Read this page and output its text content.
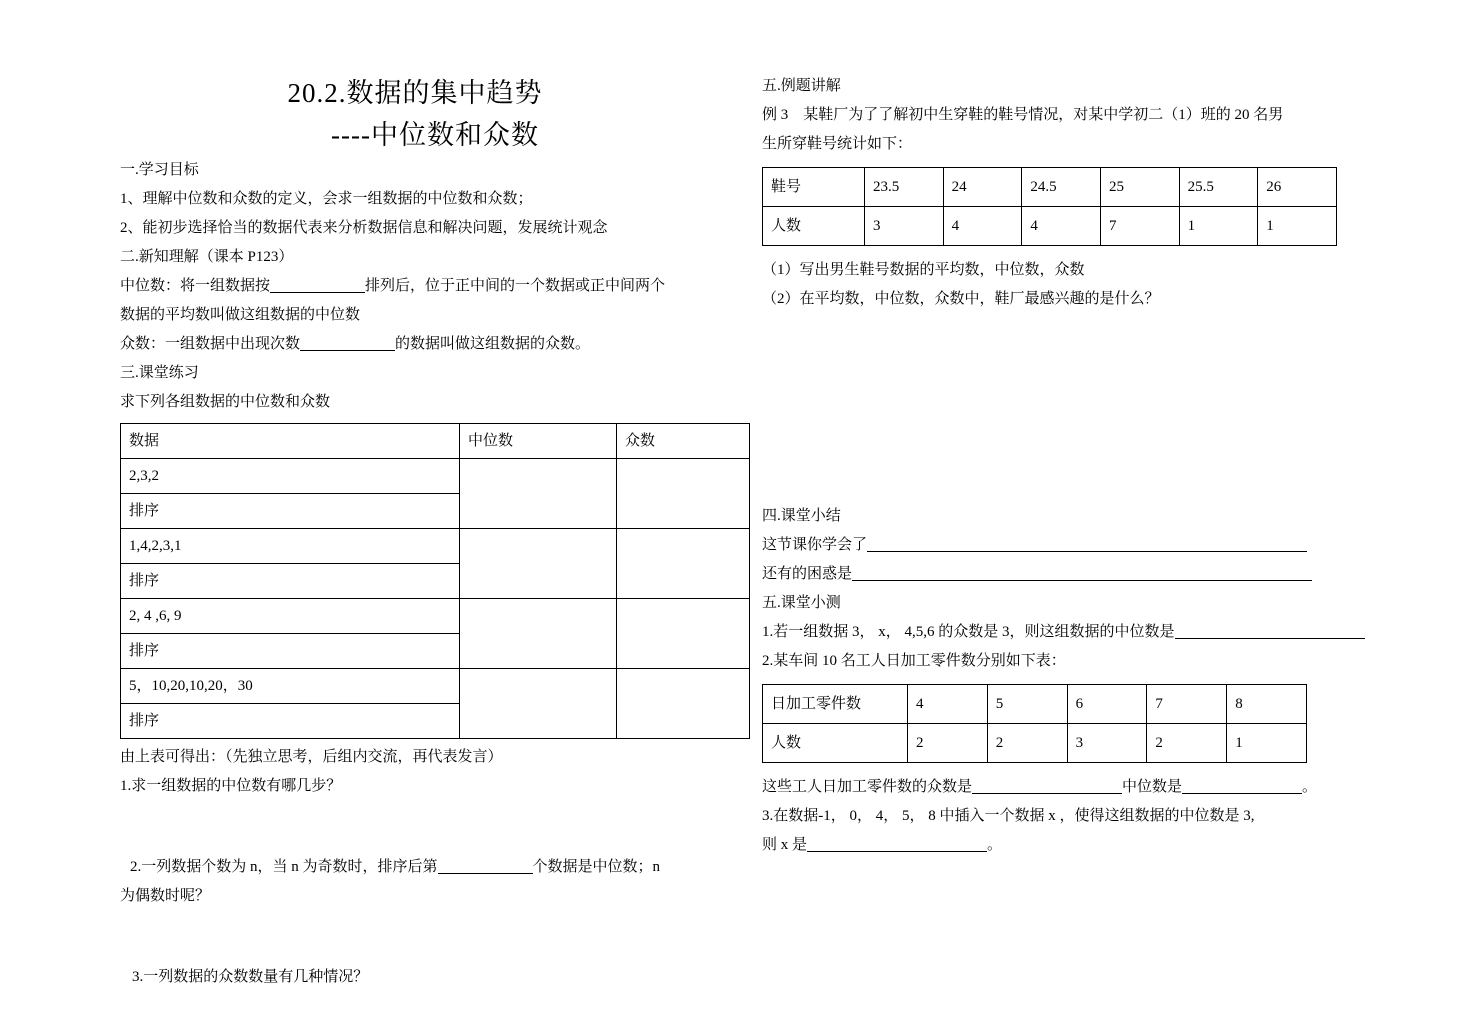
20.2.数据的集中趋势
----中位数和众数
一.学习目标
1、理解中位数和众数的定义，会求一组数据的中位数和众数；
2、能初步选择恰当的数据代表来分析数据信息和解决问题，发展统计观念
二.新知理解（课本 P123）
中位数：将一组数据按	排列后，位于正中间的一个数据或正中间两个
数据的平均数叫做这组数据的中位数
众数：一组数据中出现次数	的数据叫做这组数据的众数。
三.课堂练习
求下列各组数据的中位数和众数
数据	中位数	众数
2,3,2		
排序		
1,4,2,3,1		
排序		
2, 4 ,6, 9		
排序		
5，10,20,10,20，30		
排序		
由上表可得出：（先独立思考，后组内交流，再代表发言）
1.求一组数据的中位数有哪几步？
2.一列数据个数为 n，当 n 为奇数时，排序后第	个数据是中位数；n
为偶数时呢？
3.一列数据的众数数量有几种情况？
五.例题讲解
例 3　某鞋厂为了了解初中生穿鞋的鞋号情况，对某中学初二（1）班的 20 名男
生所穿鞋号统计如下：
鞋号	23.5	24	24.5	25	25.5	26
人数	3	4	4	7	1	1
（1）写出男生鞋号数据的平均数，中位数，众数
（2）在平均数，中位数，众数中，鞋厂最感兴趣的是什么？
四.课堂小结
这节课你学会了
还有的困惑是
五.课堂小测
1.若一组数据 3， x， 4,5,6 的众数是 3，则这组数据的中位数是
2.某车间 10 名工人日加工零件数分别如下表：
日加工零件数	4	5	6	7	8
人数	2	2	3	2	1
这些工人日加工零件数的众数是	中位数是	。
3.在数据-1， 0， 4， 5， 8 中插入一个数据 x ，使得这组数据的中位数是 3,
则 x 是	。
